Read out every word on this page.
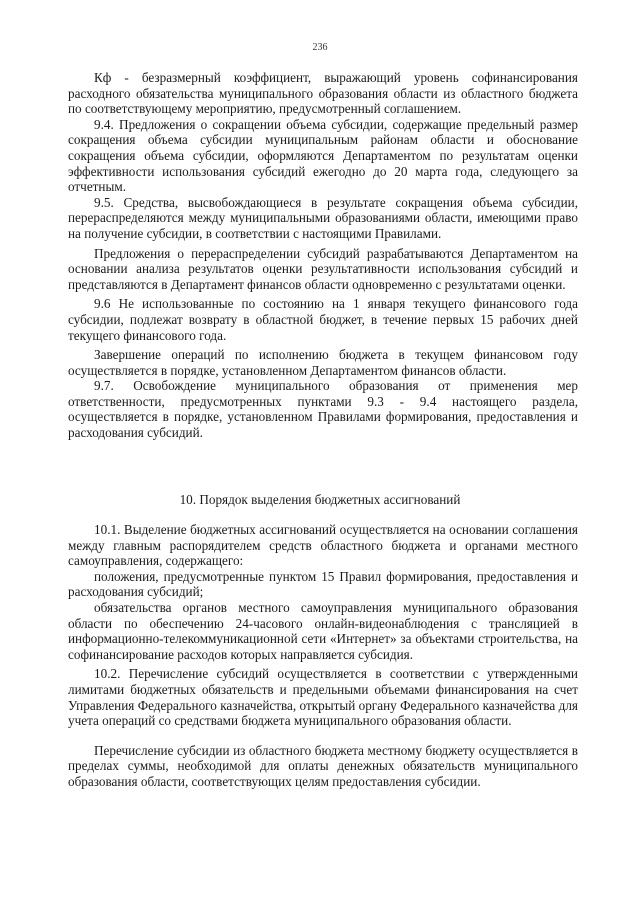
236

Кф - безразмерный коэффициент, выражающий уровень софинансирования расходного обязательства муниципального образования области из областного бюджета по соответствующему мероприятию, предусмотренный соглашением.

9.4. Предложения о сокращении объема субсидии, содержащие предельный размер сокращения объема субсидии муниципальным районам области и обоснование сокращения объема субсидии, оформляются Департаментом по результатам оценки эффективности использования субсидий ежегодно до 20 марта года, следующего за отчетным.

9.5. Средства, высвобождающиеся в результате сокращения объема субсидии, перераспределяются между муниципальными образованиями области, имеющими право на получение субсидии, в соответствии с настоящими Правилами.

Предложения о перераспределении субсидий разрабатываются Департаментом на основании анализа результатов оценки результативности использования субсидий и представляются в Департамент финансов области одновременно с результатами оценки.

9.6 Не использованные по состоянию на 1 января текущего финансового года субсидии, подлежат возврату в областной бюджет, в течение первых 15 рабочих дней текущего финансового года.

Завершение операций по исполнению бюджета в текущем финансовом году осуществляется в порядке, установленном Департаментом финансов области.

9.7. Освобождение муниципального образования от применения мер ответственности, предусмотренных пунктами 9.3 - 9.4 настоящего раздела, осуществляется в порядке, установленном Правилами формирования, предоставления и расходования субсидий.

10. Порядок выделения бюджетных ассигнований

10.1. Выделение бюджетных ассигнований осуществляется на основании соглашения между главным распорядителем средств областного бюджета и органами местного самоуправления, содержащего:

положения, предусмотренные пунктом 15 Правил формирования, предоставления и расходования субсидий;

обязательства органов местного самоуправления муниципального образования области по обеспечению 24-часового онлайн-видеонаблюдения с трансляцией в информационно-телекоммуникационной сети «Интернет» за объектами строительства, на софинансирование расходов которых направляется субсидия.

10.2. Перечисление субсидий осуществляется в соответствии с утвержденными лимитами бюджетных обязательств и предельными объемами финансирования на счет Управления Федерального казначейства, открытый органу Федерального казначейства для учета операций со средствами бюджета муниципального образования области.

Перечисление субсидии из областного бюджета местному бюджету осуществляется в пределах суммы, необходимой для оплаты денежных обязательств муниципального образования области, соответствующих целям предоставления субсидии.
